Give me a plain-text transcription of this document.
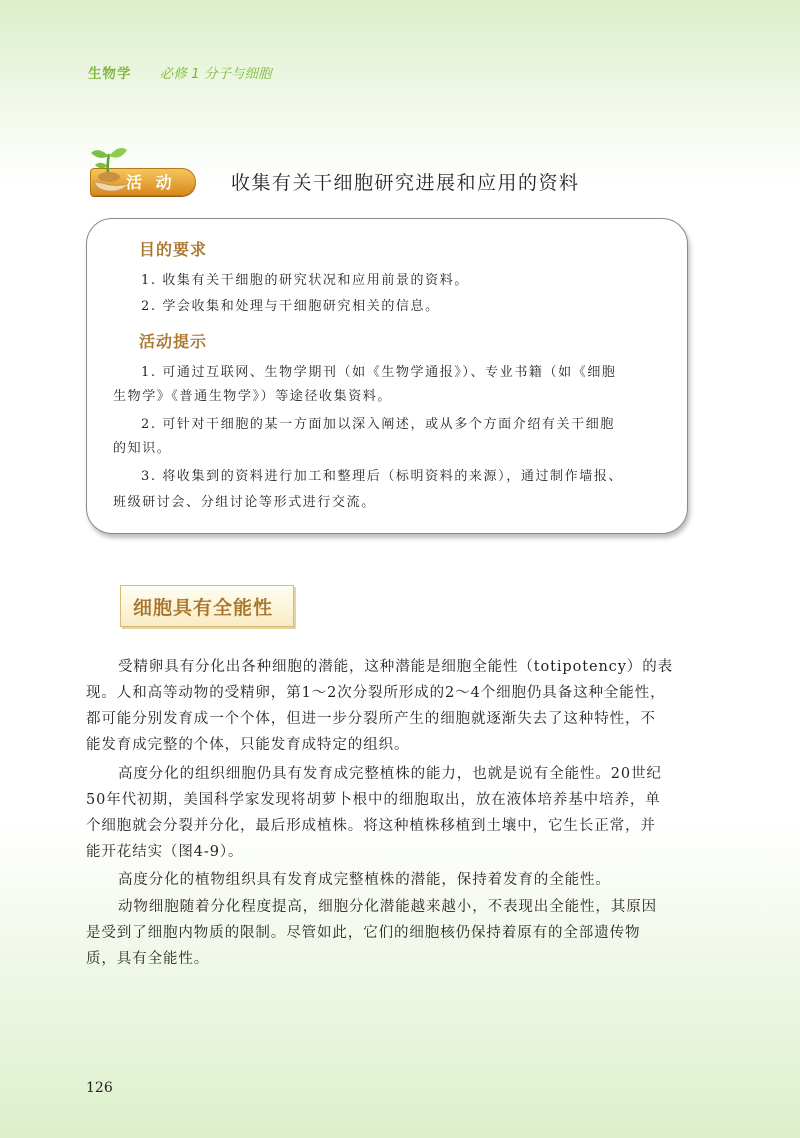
生物学 必修 1 分子与细胞
活 动	收集有关干细胞研究进展和应用的资料
目的要求
1. 收集有关干细胞的研究状况和应用前景的资料。
2. 学会收集和处理与干细胞研究相关的信息。
活动提示
1. 可通过互联网、生物学期刊（如《生物学通报》）、专业书籍（如《细胞
生物学》《普通生物学》）等途径收集资料。
2. 可针对干细胞的某一方面加以深入阐述，或从多个方面介绍有关干细胞
的知识。
3. 将收集到的资料进行加工和整理后（标明资料的来源），通过制作墙报、
班级研讨会、分组讨论等形式进行交流。
细胞具有全能性
受精卵具有分化出各种细胞的潜能，这种潜能是细胞全能性（totipotency）的表
现。人和高等动物的受精卵，第1～2次分裂所形成的2～4个细胞仍具备这种全能性，
都可能分别发育成一个个体，但进一步分裂所产生的细胞就逐渐失去了这种特性，不
能发育成完整的个体，只能发育成特定的组织。
高度分化的组织细胞仍具有发育成完整植株的能力，也就是说有全能性。20世纪
50年代初期，美国科学家发现将胡萝卜根中的细胞取出，放在液体培养基中培养，单
个细胞就会分裂并分化，最后形成植株。将这种植株移植到土壤中，它生长正常，并
能开花结实（图4-9）。
高度分化的植物组织具有发育成完整植株的潜能，保持着发育的全能性。
动物细胞随着分化程度提高，细胞分化潜能越来越小，不表现出全能性，其原因
是受到了细胞内物质的限制。尽管如此，它们的细胞核仍保持着原有的全部遗传物
质，具有全能性。
126
